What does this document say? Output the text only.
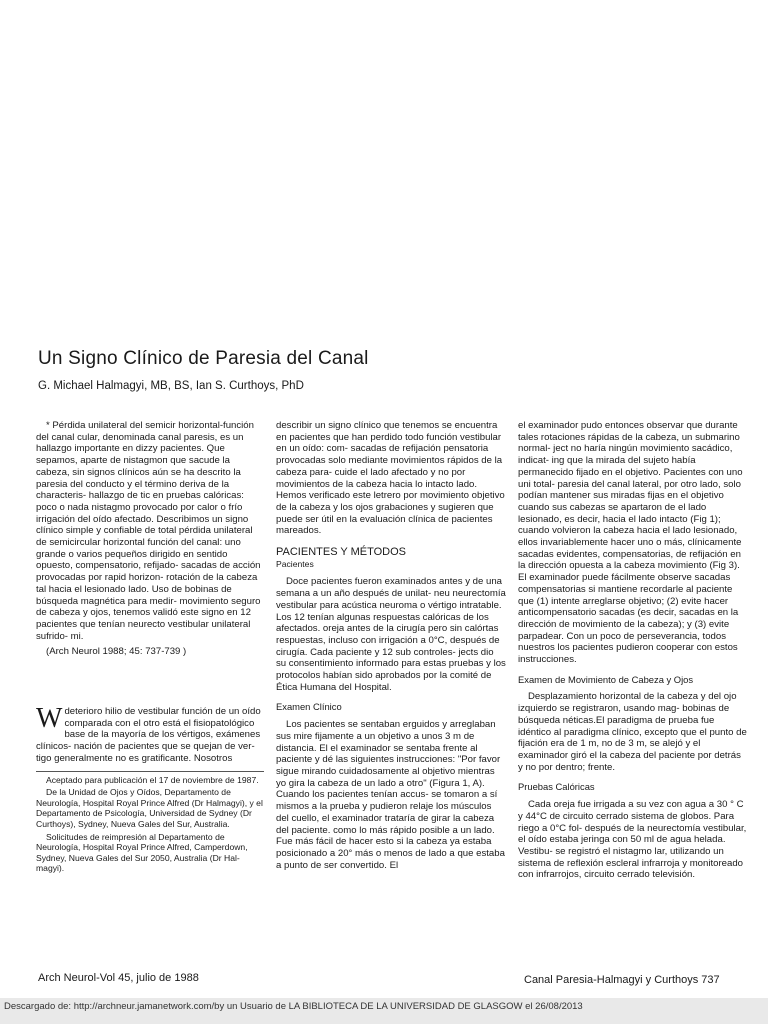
Un Signo Clínico de Paresia del Canal
G. Michael Halmagyi, MB, BS, Ian S. Curthoys, PhD

* Pérdida unilateral del semicir horizontal-función del canal cular, denominada canal paresis, es un hallazgo importante en dizzy pacientes. Que sepamos, aparte de nistagmoп que sacude la cabeza, sin signos clínicos aún se ha descrito la paresia del conducto y el término deriva de la characteris- hallazgo de tic en pruebas calóricas: poco o nada nistagmo provocado por calor o frío irrigación del oído afectado. Describimos un signo clínico simple y confiable de total pérdida unilateral de semicircular horizontal función del canal: uno grande o varios pequeños dirigido en sentido opuesto, compensatorio, refijado- sacadas de acción provocadas por rapid horizon- rotación de la cabeza tal hacia el lesionado lado. Uso de bobinas de búsqueda magnética para medir- movimiento seguro de cabeza y ojos, tenemos validó este signo en 12 pacientes que tenían neurecto vestibular unilateral sufrido- mi.

(Arch Neurol 1988; 45: 737-739 )

Wdeterioro hilio de vestibular función de un oído comparada con el otro está el fisiopatológico base de la mayoría de los vértigos, exámenes clínicos- nación de pacientes que se quejan de ver- tigo generalmente no es gratificante. Nosotros

Aceptado para publicación el 17 de noviembre de 1987.

De la Unidad de Ojos y Oídos, Departamento de Neurología, Hospital Royal Prince Alfred (Dr Halmagyi), y el Departamento de Psicología, Universidad de Sydney (Dr Curthoys), Sydney, Nueva Gales del Sur, Australia.

Solicitudes de reimpresión al Departamento de Neurología, Hospital Royal Prince Alfred, Camperdown, Sydney, Nueva Gales del Sur 2050, Australia (Dr Hal- magyi).

describir un signo clínico que tenemos se encuentra en pacientes que han perdido todo función vestibular en un oído: com- sacadas de refijación pensatoria provocadas solo mediante movimientos rápidos de la cabeza para- cuide el lado afectado y no por movimientos de la cabeza hacia lo intacto lado. Hemos verificado este letrero por movimiento objetivo de la cabeza y los ojos grabaciones y sugieren que puede ser útil en la evaluación clínica de pacientes mareados.

PACIENTES Y MÉTODOS

Pacientes

Doce pacientes fueron examinados antes y de una semana a un año después de unilat- neu neurectomía vestibular para acústica neuroma o vértigo intratable. Los 12 tenían algunas respuestas calóricas de los afectados. oreja antes de la cirugía pero sin calórtas respuestas, incluso con irrigación a 0°C, después de cirugía. Cada paciente y 12 sub controles- jects dio su consentimiento informado para estas pruebas y los protocolos habían sido aprobados por la comité de Ética Humana del Hospital.

Examen Clínico

Los pacientes se sentaban erguidos y arreglaban sus mire fijamente a un objetivo a unos 3 m de distancia. El el examinador se sentaba frente al paciente y dé las siguientes instrucciones: "Por favor sigue mirando cuidadosamente al objetivo mientras yo gira la cabeza de un lado a otro" (Figura 1, A). Cuando los pacientes tenían accus- se tomaron a sí mismos a la prueba y pudieron relaje los músculos del cuello, el examinador trataría de girar la cabeza del paciente. como lo más rápido posible a un lado. Fue más fácil de hacer esto si la cabeza ya estaba posicionado a 20° más o menos de lado a que estaba a punto de ser convertido. El

el examinador pudo entonces observar que durante tales rotaciones rápidas de la cabeza, un submarino normal- ject no haría ningún movimiento sacádico, indicat- ing que la mirada del sujeto había permanecido fijado en el objetivo. Pacientes con uno uni total- paresia del canal lateral, por otro lado, solo podían mantener sus miradas fijas en el objetivo cuando sus cabezas se apartaron de el lado lesionado, es decir, hacia el lado intacto (Fig 1); cuando volvieron la cabeza hacia el lado lesionado, ellos invariablemente hacer uno o más, clínicamente sacadas evidentes, compensatorias, de refijación en la dirección opuesta a la cabeza movimiento (Fig 3). El examinador puede fácilmente observe sacadas compensatorias si mantiene recordarle al paciente que (1) intente arreglarse objetivo; (2) evite hacer anticompensatorio sacadas (es decir, sacadas en la dirección de movimiento de la cabeza); y (3) evite parpadear. Con un poco de perseverancia, todos nuestros los pacientes pudieron cooperar con estos instrucciones.

Examen de Movimiento de Cabeza y Ojos

Desplazamiento horizontal de la cabeza y del ojo izquierdo se registraron, usando mag- bobinas de búsqueda néticas.El paradigma de prueba fue idéntico al paradigma clínico, excepto que el punto de fijación era de 1 m, no de 3 m, se alejó y el examinador giró el la cabeza del paciente por detrás y no por dentro; frente.

Pruebas Calóricas

Cada oreja fue irrigada a su vez con agua a 30 ° C y 44°C de circuito cerrado sistema de globos. Para riego a 0°C fol- después de la neurectomía vestibular, el oído estaba jeringa con 50 ml de agua helada. Vestibu- se registró el nistagmo lar, utilizando un sistema de reflexión escleral infrarroja y monitoreado con infrarrojos, circuito cerrado televisión.

Arch Neurol-Vol 45, julio de 1988	Canal Paresia-Halmagyi y Curthoys 737
Descargado de: http://archneur.jamanetwork.com/by un Usuario de LA BIBLIOTECA DE LA UNIVERSIDAD DE GLASGOW el 26/08/2013
